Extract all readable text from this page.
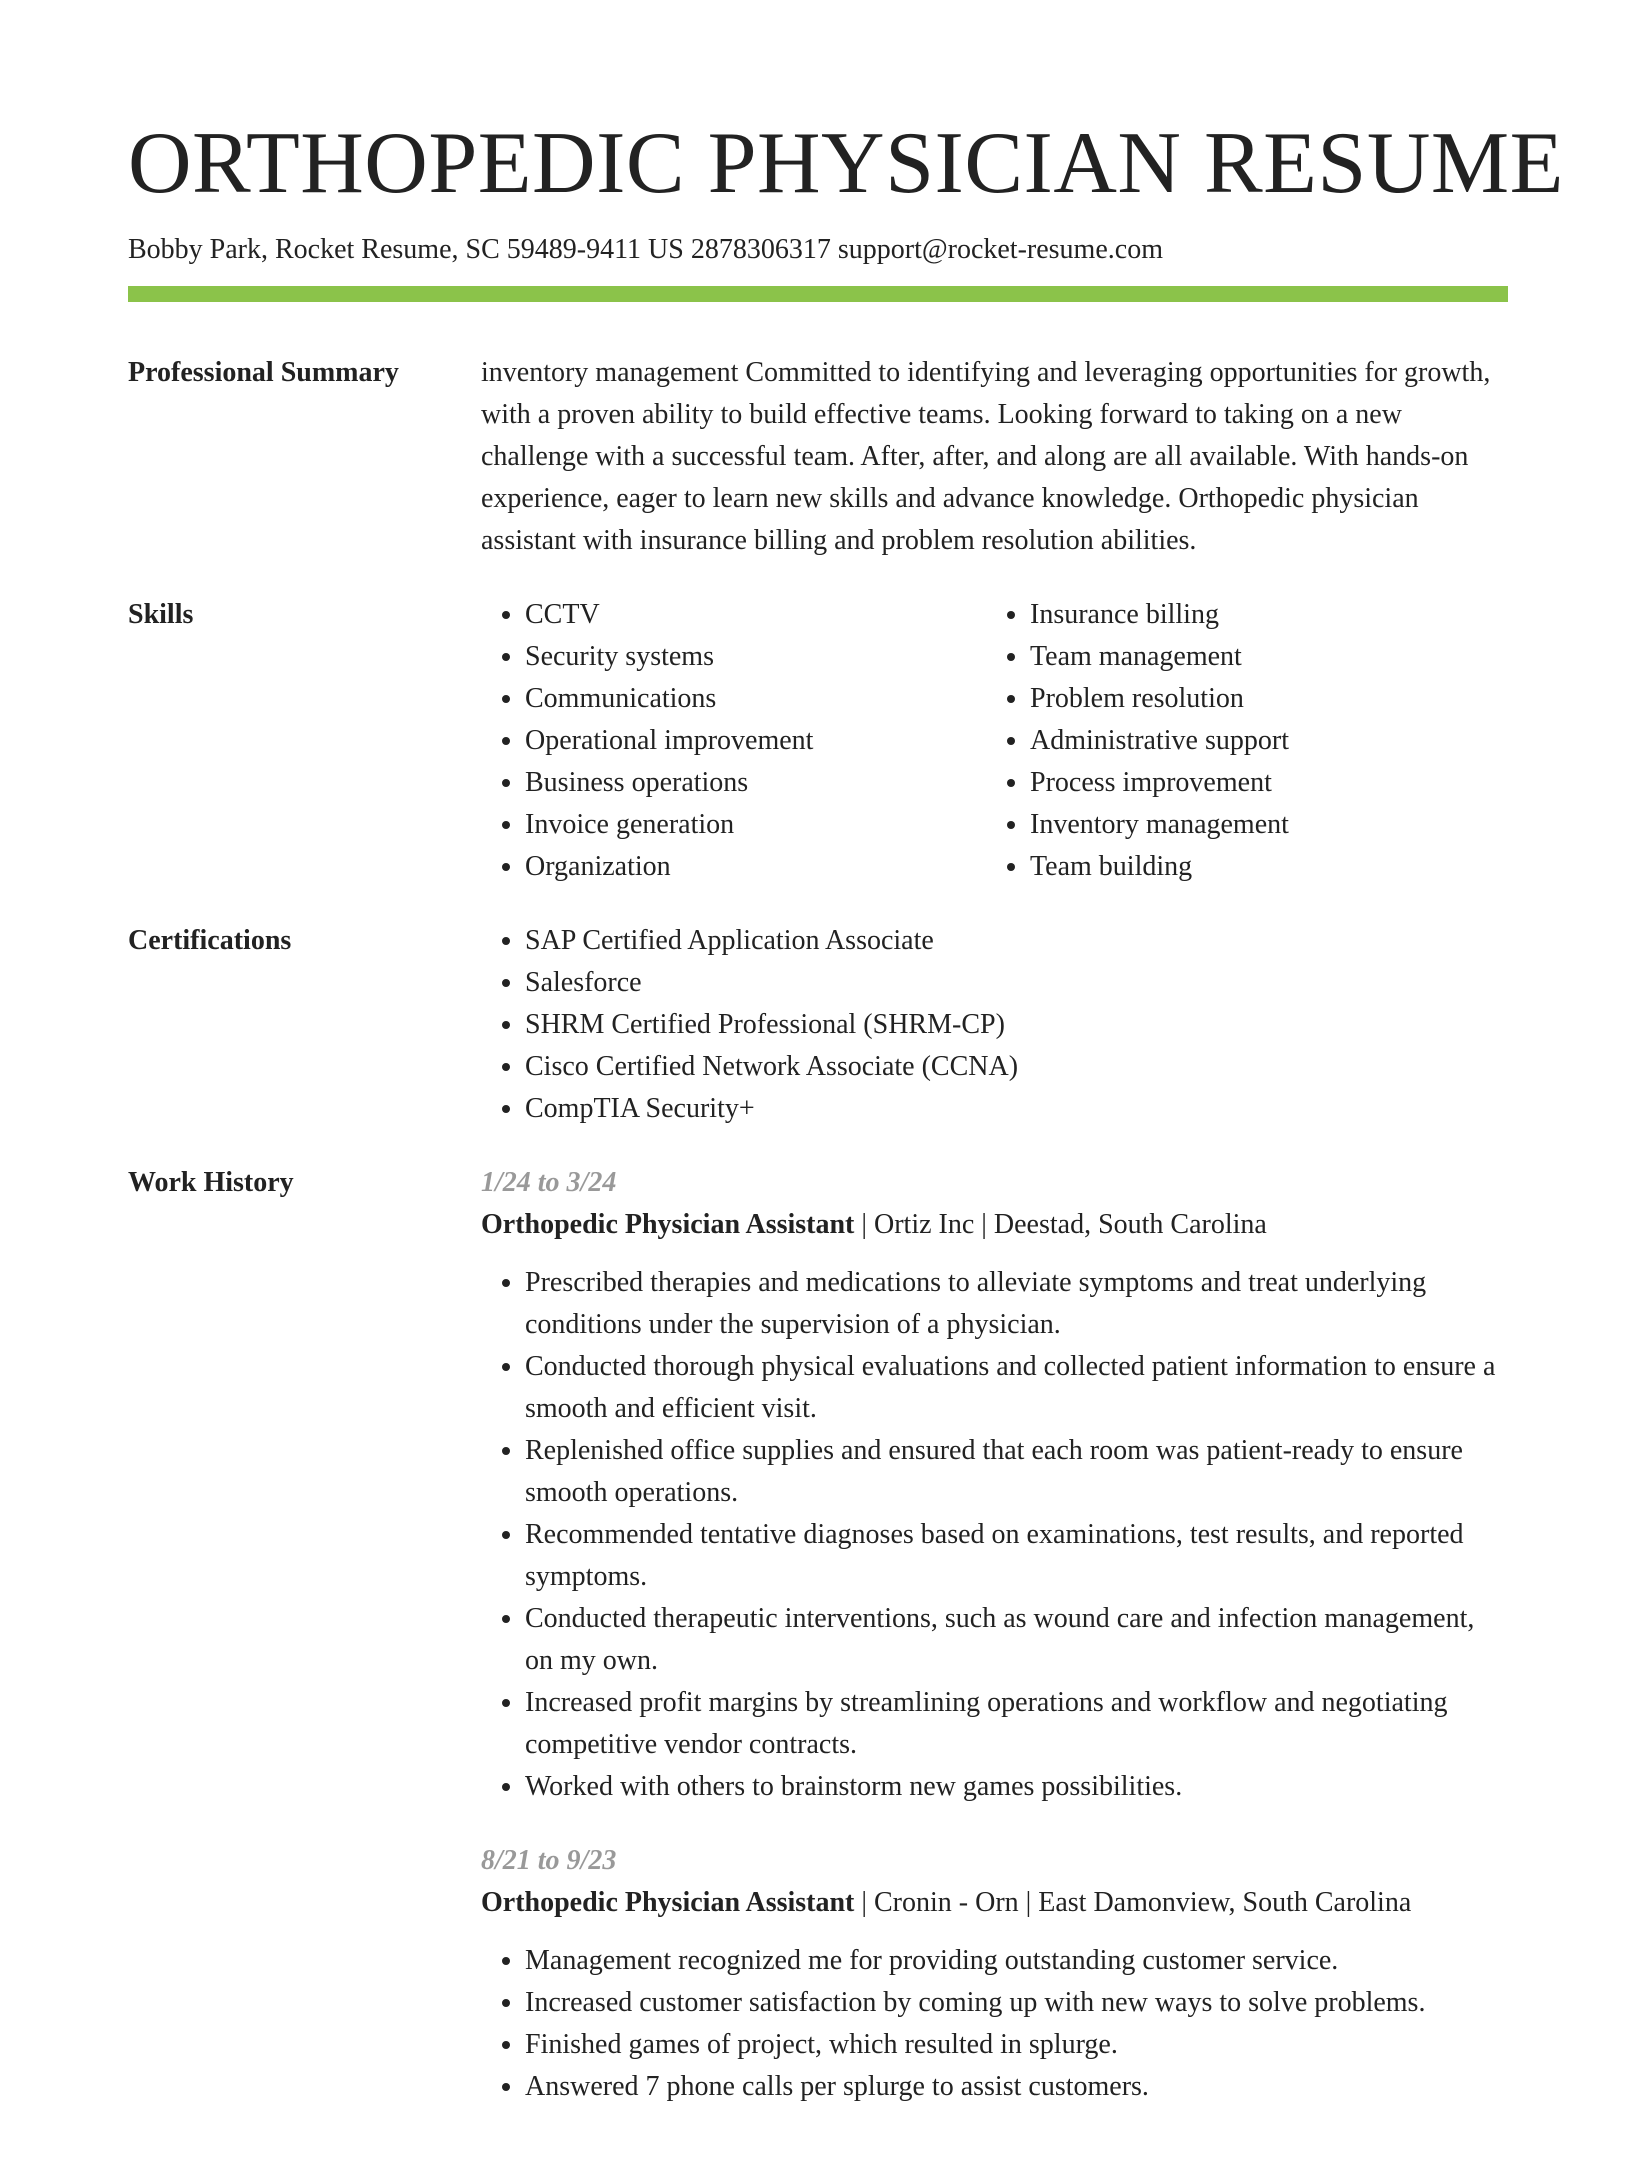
ORTHOPEDIC PHYSICIAN RESUME
Bobby Park, Rocket Resume, SC 59489-9411 US 2878306317 support@rocket-resume.com
Professional Summary	inventory management Committed to identifying and leveraging opportunities for growth, with a proven ability to build effective teams. Looking forward to taking on a new challenge with a successful team. After, after, and along are all available. With hands-on experience, eager to learn new skills and advance knowledge. Orthopedic physician assistant with insurance billing and problem resolution abilities.

Skills	• CCTV
• Security systems
• Communications
• Operational improvement
• Business operations
• Invoice generation
• Organization
• Insurance billing
• Team management
• Problem resolution
• Administrative support
• Process improvement
• Inventory management
• Team building
Certifications	• SAP Certified Application Associate
• Salesforce
• SHRM Certified Professional (SHRM-CP)
• Cisco Certified Network Associate (CCNA)
• CompTIA Security+
Work History	1/24 to 3/24
Orthopedic Physician Assistant | Ortiz Inc | Deestad, South Carolina
• Prescribed therapies and medications to alleviate symptoms and treat underlying conditions under the supervision of a physician.
• Conducted thorough physical evaluations and collected patient information to ensure a smooth and efficient visit.
• Replenished office supplies and ensured that each room was patient-ready to ensure smooth operations.
• Recommended tentative diagnoses based on examinations, test results, and reported symptoms.
• Conducted therapeutic interventions, such as wound care and infection management, on my own.
• Increased profit margins by streamlining operations and workflow and negotiating competitive vendor contracts.
• Worked with others to brainstorm new games possibilities.
8/21 to 9/23
Orthopedic Physician Assistant | Cronin - Orn | East Damonview, South Carolina
• Management recognized me for providing outstanding customer service.
• Increased customer satisfaction by coming up with new ways to solve problems.
• Finished games of project, which resulted in splurge.
• Answered 7 phone calls per splurge to assist customers.
